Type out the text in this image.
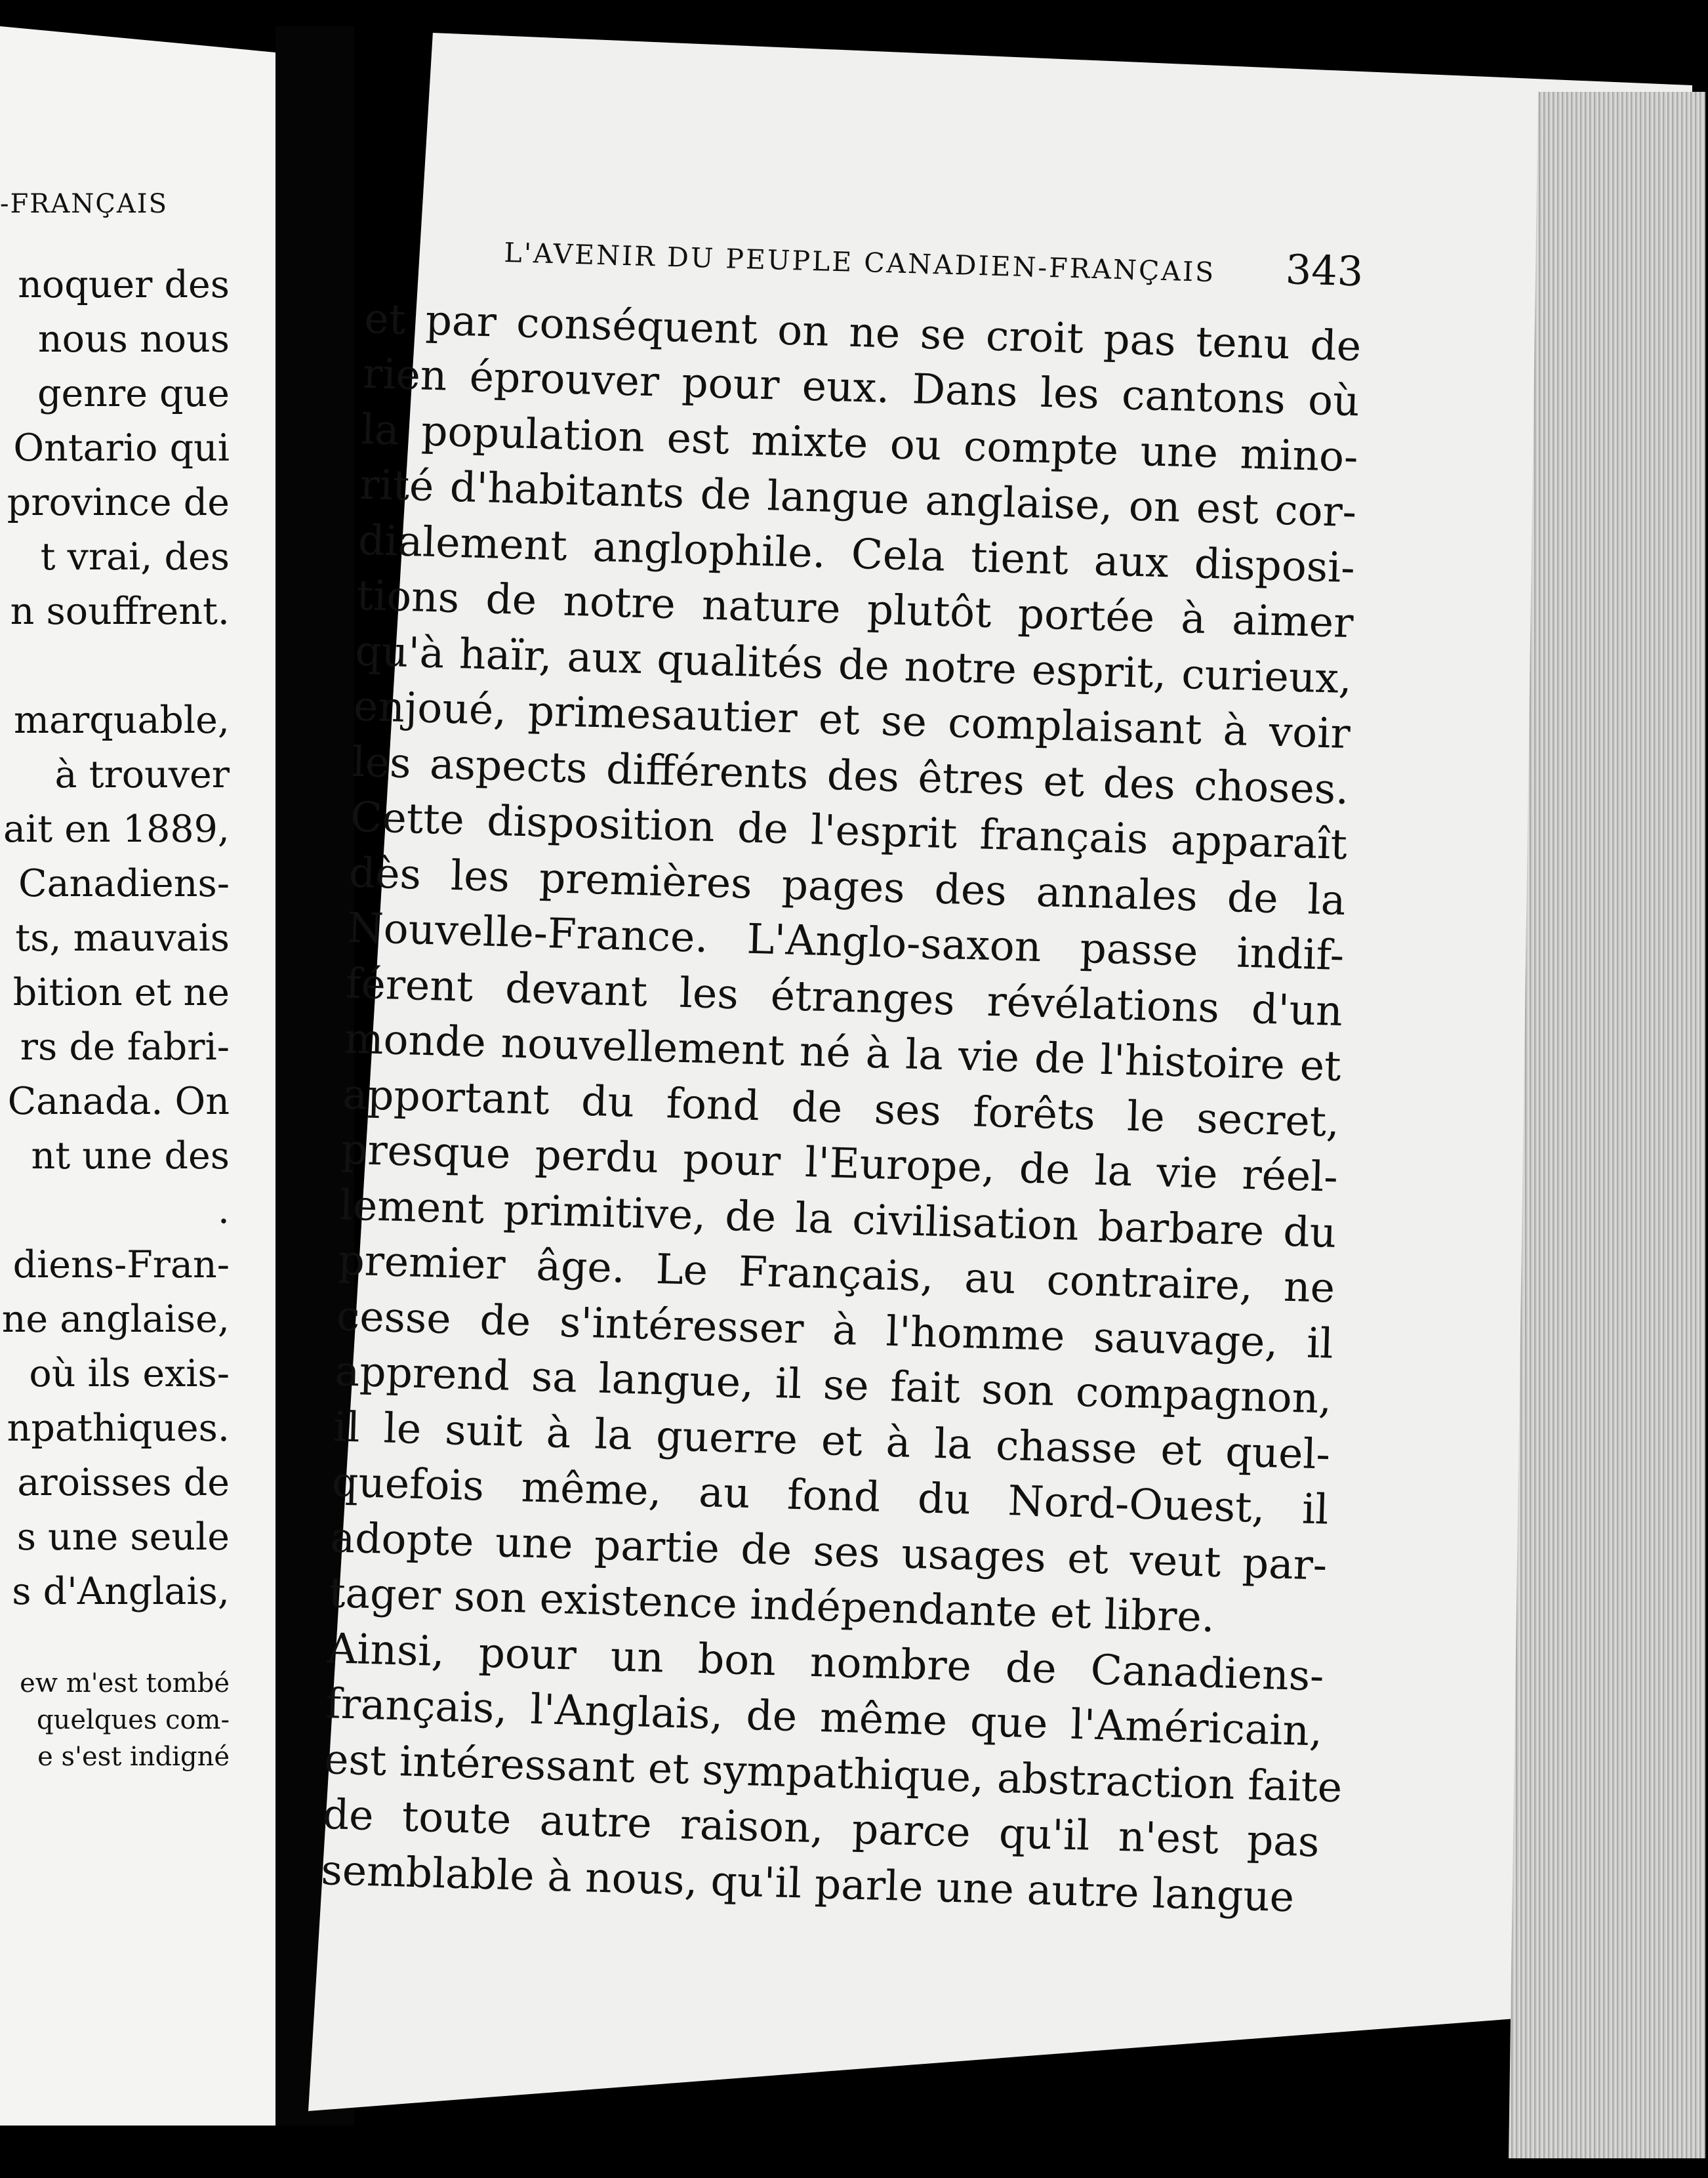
-FRANÇAIS
noquer des
nous nous
genre que
Ontario qui
province de
t vrai, des
n souffrent.

marquable,
à trouver
ait en 1889,
Canadiens-
ts, mauvais
bition et ne
rs de fabri-
Canada. On
nt une des
.
diens-Fran-
ne anglaise,
où ils exis-
npathiques.
aroisses de
s une seule
s d'Anglais,
ew m'est tombé
quelques com-
e s'est indigné
L'AVENIR DU PEUPLE CANADIEN-FRANÇAIS 343
et par conséquent on ne se croit pas tenu de
rien éprouver pour eux. Dans les cantons où
la population est mixte ou compte une mino-
rité d'habitants de langue anglaise, on est cor-
dialement anglophile. Cela tient aux disposi-
tions de notre nature plutôt portée à aimer
qu'à haïr, aux qualités de notre esprit, curieux,
enjoué, primesautier et se complaisant à voir
les aspects différents des êtres et des choses.
Cette disposition de l'esprit français apparaît
dès les premières pages des annales de la
Nouvelle-France. L'Anglo-saxon passe indif-
férent devant les étranges révélations d'un
monde nouvellement né à la vie de l'histoire et
apportant du fond de ses forêts le secret,
presque perdu pour l'Europe, de la vie réel-
lement primitive, de la civilisation barbare du
premier âge. Le Français, au contraire, ne
cesse de s'intéresser à l'homme sauvage, il
apprend sa langue, il se fait son compagnon,
il le suit à la guerre et à la chasse et quel-
quefois même, au fond du Nord-Ouest, il
adopte une partie de ses usages et veut par-
tager son existence indépendante et libre.
Ainsi, pour un bon nombre de Canadiens-
français, l'Anglais, de même que l'Américain,
est intéressant et sympathique, abstraction faite
de toute autre raison, parce qu'il n'est pas
semblable à nous, qu'il parle une autre langue
